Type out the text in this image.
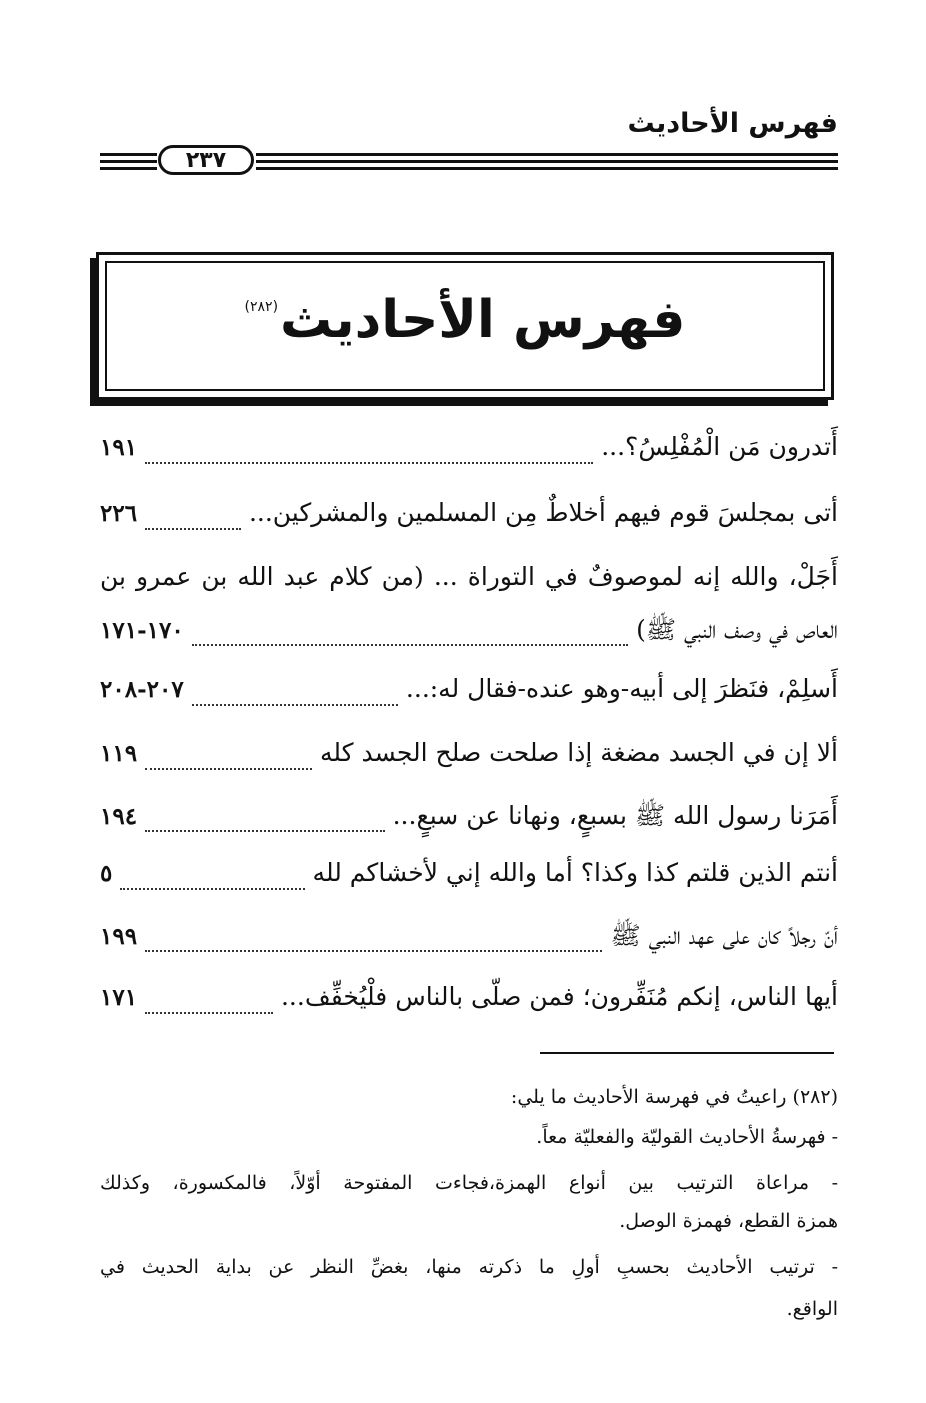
فهرس الأحاديث
٢٣٧
فهرس الأحاديث$^{(٢٨٢)}$
أَتدرون مَن الْمُفْلِسُ؟...
١٩١
أتى بمجلسَ قوم فيهم أخلاطٌ مِن المسلمين والمشركين...
٢٢٦
أَجَلْ، والله إنه لموصوفٌ في التوراة ... (من كلام عبد الله بن عمرو بن
العاص في وصف النبي ﷺ)
١٧٠-١٧١
أَسلِمْ، فنَظرَ إلى أبيه-وهو عنده-فقال له:...
٢٠٧-٢٠٨
ألا إن في الجسد مضغة إذا صلحت صلح الجسد كله
١١٩
أَمَرَنا رسول الله ﷺ بسبعٍ، ونهانا عن سبعٍ...
١٩٤
أنتم الذين قلتم كذا وكذا؟ أما والله إني لأخشاكم لله
٥
أنّ رجلاً كان على عهد النبي ﷺ
١٩٩
أيها الناس، إنكم مُنَفِّرون؛ فمن صلّى بالناس فلْيُخفِّف...
١٧١
(٢٨٢) راعيتُ في فهرسة الأحاديث ما يلي:
- فهرسةُ الأحاديث القوليّة والفعليّة معاً.
- مراعاة الترتيب بين أنواع الهمزة،فجاءت المفتوحة أوّلاً، فالمكسورة، وكذلك
همزة القطع، فهمزة الوصل.
- ترتيب الأحاديث بحسبِ أولِ ما ذكرته منها، بغضِّ النظر عن بداية الحديث في
الواقع.
